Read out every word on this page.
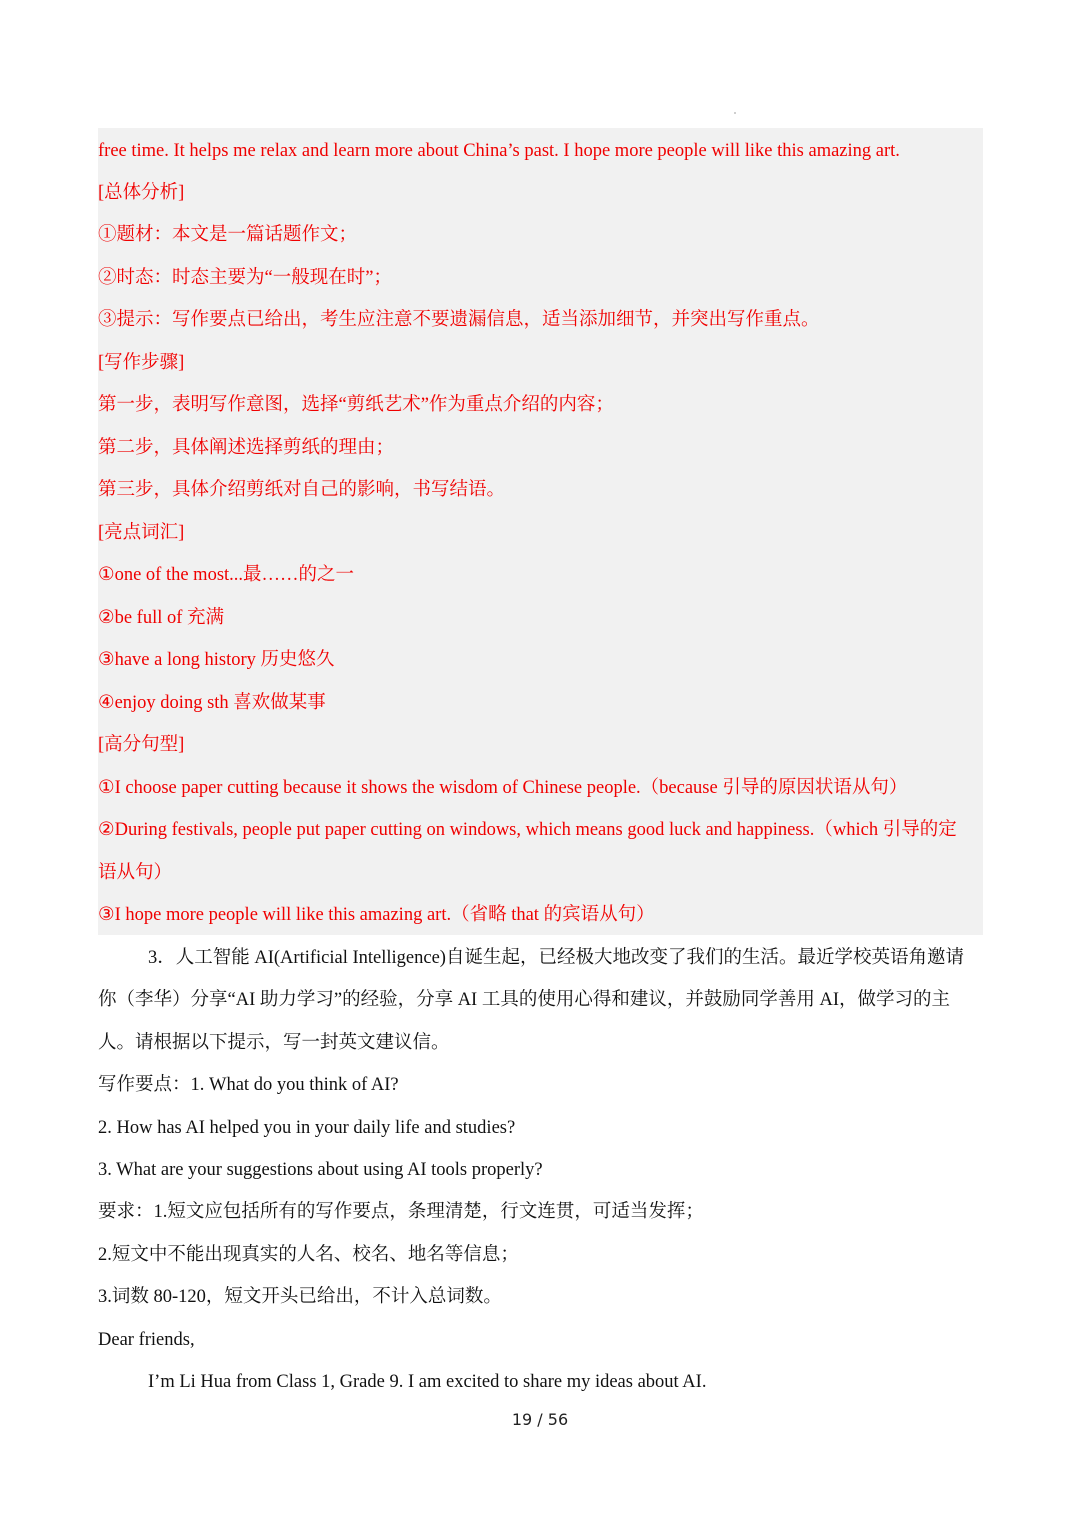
free time. It helps me relax and learn more about China’s past. I hope more people will like this amazing art.
[总体分析]
①题材：本文是一篇话题作文；
②时态：时态主要为“一般现在时”；
③提示：写作要点已给出，考生应注意不要遗漏信息，适当添加细节，并突出写作重点。
[写作步骤]
第一步，表明写作意图，选择“剪纸艺术”作为重点介绍的内容；
第二步，具体阐述选择剪纸的理由；
第三步，具体介绍剪纸对自己的影响，书写结语。
[亮点词汇]
①one of the most...最……的之一
②be full of 充满
③have a long history 历史悠久
④enjoy doing sth 喜欢做某事
[高分句型]
①I choose paper cutting because it shows the wisdom of Chinese people.（because 引导的原因状语从句）
②During festivals, people put paper cutting on windows, which means good luck and happiness.（which 引导的定
语从句）
③I hope more people will like this amazing art.（省略 that 的宾语从句）
3．人工智能 AI(Artificial Intelligence)自诞生起，已经极大地改变了我们的生活。最近学校英语角邀请
你（李华）分享“AI 助力学习”的经验，分享 AI 工具的使用心得和建议，并鼓励同学善用 AI，做学习的主
人。请根据以下提示，写一封英文建议信。
写作要点：1. What do you think of AI?
2. How has AI helped you in your daily life and studies?
3. What are your suggestions about using AI tools properly?
要求：1.短文应包括所有的写作要点，条理清楚，行文连贯，可适当发挥；
2.短文中不能出现真实的人名、校名、地名等信息；
3.词数 80-120，短文开头已给出，不计入总词数。
Dear friends,
I’m Li Hua from Class 1, Grade 9. I am excited to share my ideas about AI.
19 / 56
